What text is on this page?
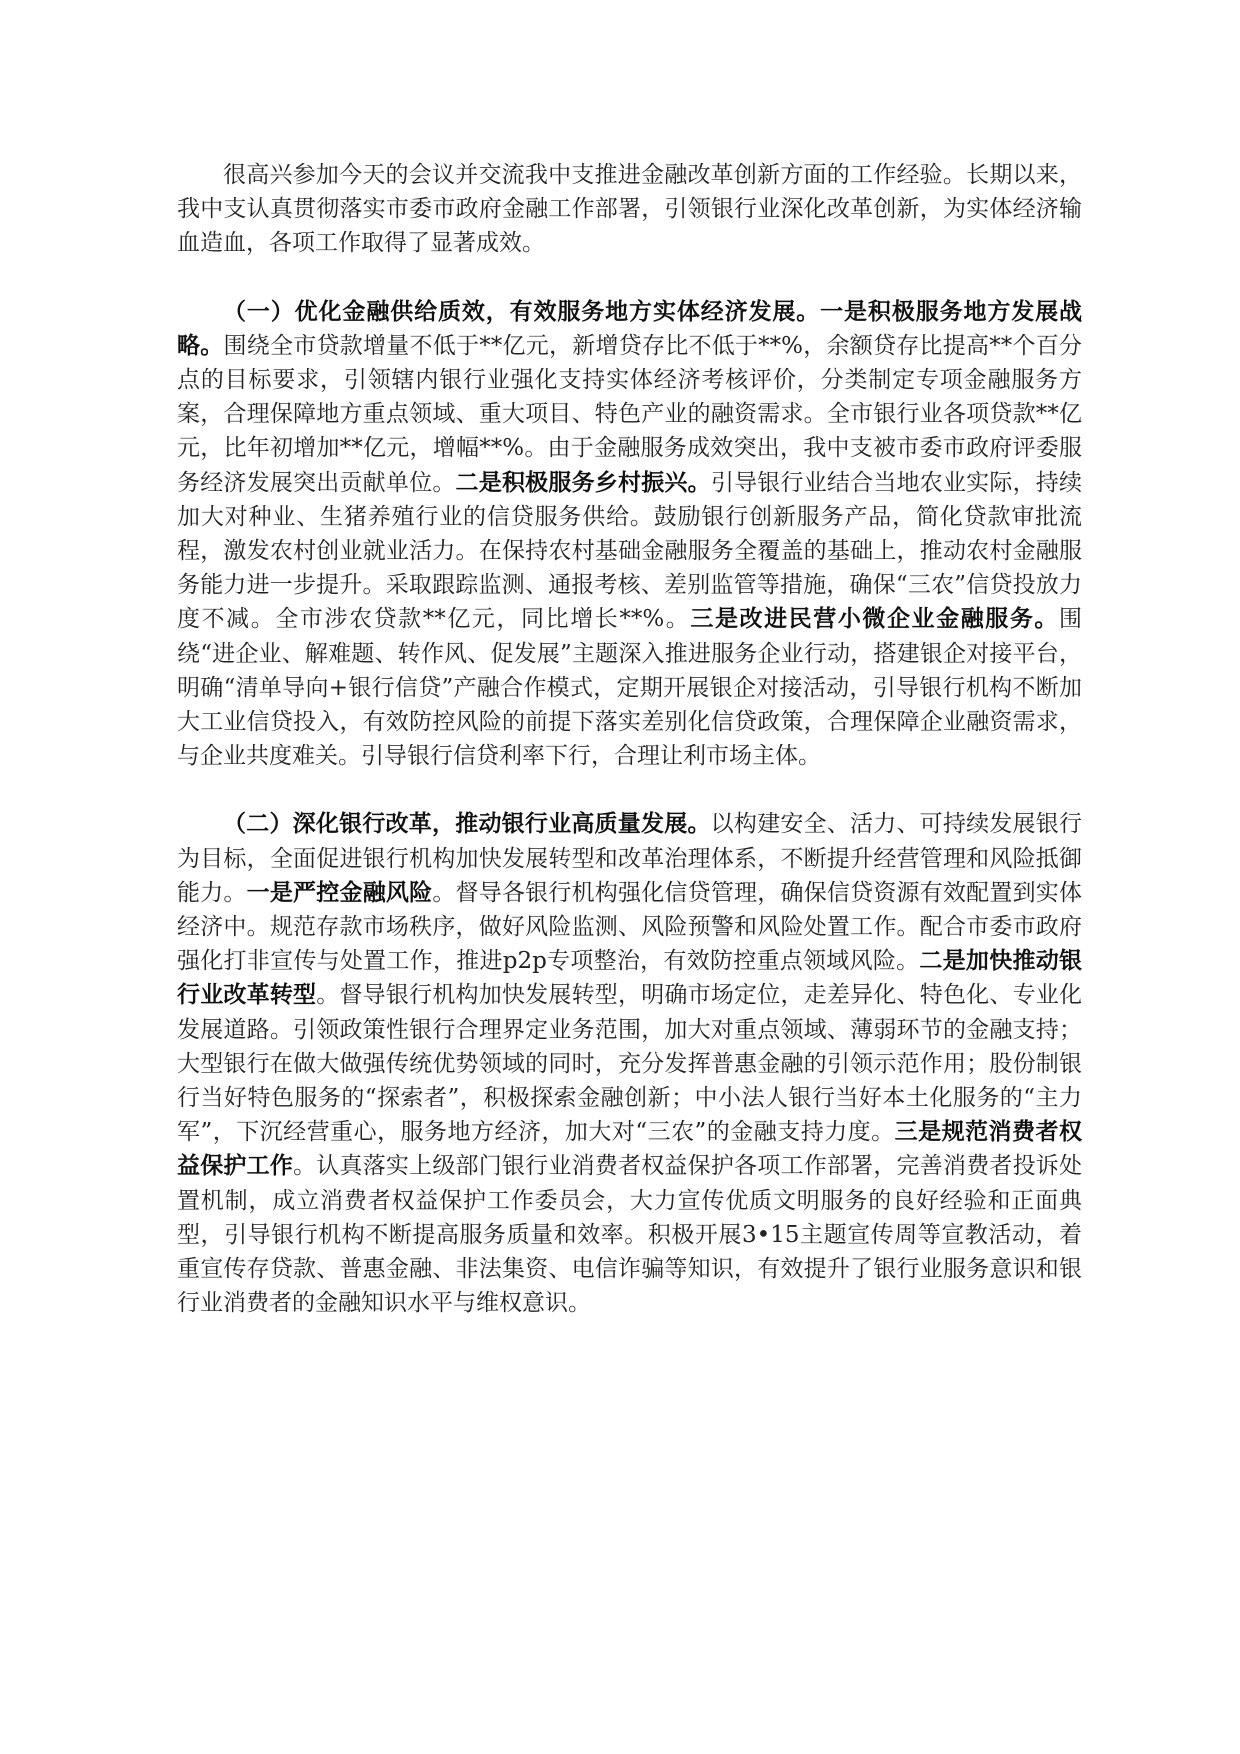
很高兴参加今天的会议并交流我中支推进金融改革创新方面的工作经验。长期以来，我中支认真贯彻落实市委市政府金融工作部署，引领银行业深化改革创新，为实体经济输血造血，各项工作取得了显著成效。

（一）优化金融供给质效，有效服务地方实体经济发展。一是积极服务地方发展战略。围绕全市贷款增量不低于**亿元，新增贷存比不低于**%，余额贷存比提高**个百分点的目标要求，引领辖内银行业强化支持实体经济考核评价，分类制定专项金融服务方案，合理保障地方重点领域、重大项目、特色产业的融资需求。全市银行业各项贷款**亿元，比年初增加**亿元，增幅**%。由于金融服务成效突出，我中支被市委市政府评委服务经济发展突出贡献单位。二是积极服务乡村振兴。引导银行业结合当地农业实际，持续加大对种业、生猪养殖行业的信贷服务供给。鼓励银行创新服务产品，简化贷款审批流程，激发农村创业就业活力。在保持农村基础金融服务全覆盖的基础上，推动农村金融服务能力进一步提升。采取跟踪监测、通报考核、差别监管等措施，确保“三农”信贷投放力度不减。全市涉农贷款**亿元，同比增长**%。三是改进民营小微企业金融服务。围绕“进企业、解难题、转作风、促发展”主题深入推进服务企业行动，搭建银企对接平台，明确“清单导向+银行信贷”产融合作模式，定期开展银企对接活动，引导银行机构不断加大工业信贷投入，有效防控风险的前提下落实差别化信贷政策，合理保障企业融资需求，与企业共度难关。引导银行信贷利率下行，合理让利市场主体。

（二）深化银行改革，推动银行业高质量发展。以构建安全、活力、可持续发展银行为目标，全面促进银行机构加快发展转型和改革治理体系，不断提升经营管理和风险抵御能力。一是严控金融风险。督导各银行机构强化信贷管理，确保信贷资源有效配置到实体经济中。规范存款市场秩序，做好风险监测、风险预警和风险处置工作。配合市委市政府强化打非宣传与处置工作，推进p2p专项整治，有效防控重点领域风险。二是加快推动银行业改革转型。督导银行机构加快发展转型，明确市场定位，走差异化、特色化、专业化发展道路。引领政策性银行合理界定业务范围，加大对重点领域、薄弱环节的金融支持；大型银行在做大做强传统优势领域的同时，充分发挥普惠金融的引领示范作用；股份制银行当好特色服务的“探索者”，积极探索金融创新；中小法人银行当好本土化服务的“主力军”，下沉经营重心，服务地方经济，加大对“三农”的金融支持力度。三是规范消费者权益保护工作。认真落实上级部门银行业消费者权益保护各项工作部署，完善消费者投诉处置机制，成立消费者权益保护工作委员会，大力宣传优质文明服务的良好经验和正面典型，引导银行机构不断提高服务质量和效率。积极开展3•15主题宣传周等宣教活动，着重宣传存贷款、普惠金融、非法集资、电信诈骗等知识，有效提升了银行业服务意识和银行业消费者的金融知识水平与维权意识。
